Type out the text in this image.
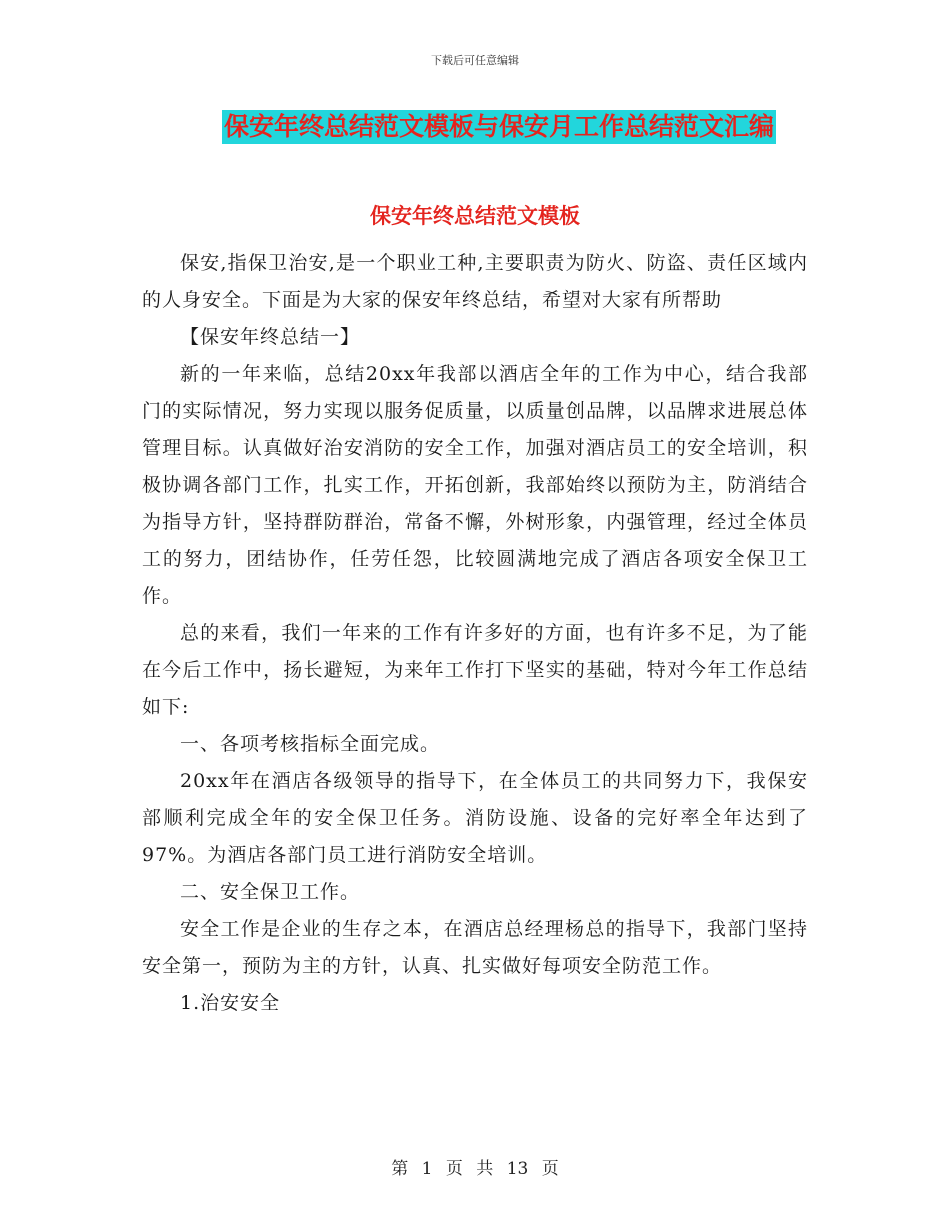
下载后可任意编辑
保安年终总结范文模板与保安月工作总结范文汇编
保安年终总结范文模板

保安,指保卫治安,是一个职业工种,主要职责为防火、防盗、责任区域内的人身安全。下面是为大家的保安年终总结，希望对大家有所帮助

【保安年终总结一】

新的一年来临，总结20xx年我部以酒店全年的工作为中心，结合我部门的实际情况，努力实现以服务促质量，以质量创品牌，以品牌求进展总体管理目标。认真做好治安消防的安全工作，加强对酒店员工的安全培训，积极协调各部门工作，扎实工作，开拓创新，我部始终以预防为主，防消结合为指导方针，坚持群防群治，常备不懈，外树形象，内强管理，经过全体员工的努力，团结协作，任劳任怨，比较圆满地完成了酒店各项安全保卫工作。

总的来看，我们一年来的工作有许多好的方面，也有许多不足，为了能在今后工作中，扬长避短，为来年工作打下坚实的基础，特对今年工作总结如下:

一、各项考核指标全面完成。

20xx年在酒店各级领导的指导下，在全体员工的共同努力下，我保安部顺利完成全年的安全保卫任务。消防设施、设备的完好率全年达到了97%。为酒店各部门员工进行消防安全培训。

二、安全保卫工作。

安全工作是企业的生存之本，在酒店总经理杨总的指导下，我部门坚持安全第一，预防为主的方针，认真、扎实做好每项安全防范工作。

1.治安安全

第 1 页 共 13 页
